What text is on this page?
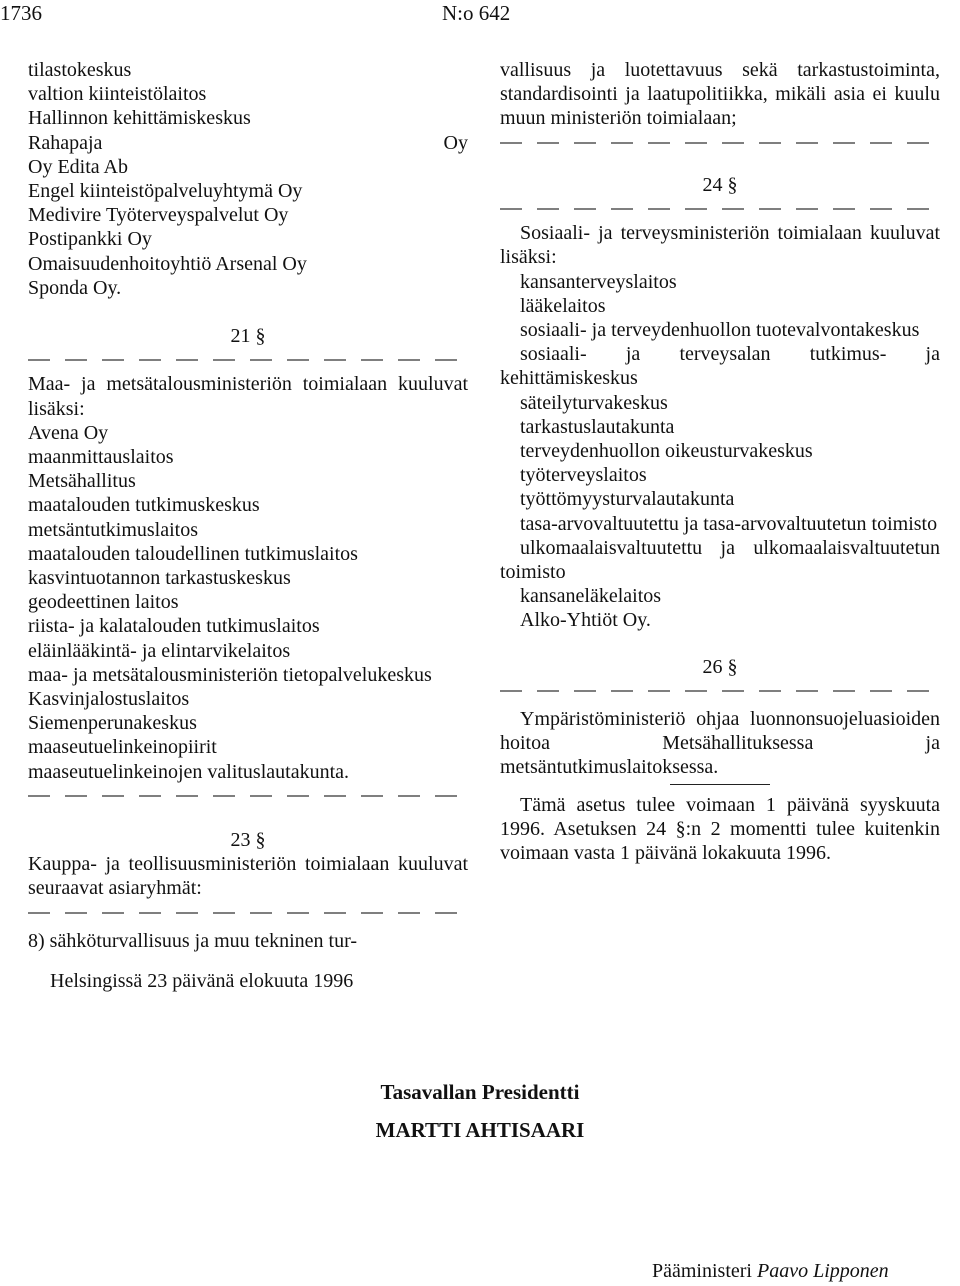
1736	N:o 642
tilastokeskus
valtion kiinteistölaitos
Hallinnon kehittämiskeskus
Rahapaja	Oy
Oy Edita Ab
Engel kiinteistöpalveluyhtymä Oy
Medivire Työterveyspalvelut Oy
Postipankki Oy
Omaisuudenhoitoyhtiö Arsenal Oy
Sponda Oy.
21 §

Maa- ja metsätalousministeriön toimialaan kuuluvat lisäksi:

Avena Oy
maanmittauslaitos
Metsähallitus
maatalouden tutkimuskeskus
metsäntutkimuslaitos
maatalouden taloudellinen tutkimuslaitos
kasvintuotannon tarkastuskeskus
geodeettinen laitos
riista- ja kalatalouden tutkimuslaitos
eläinlääkintä- ja elintarvikelaitos

maa- ja metsätalousministeriön tietopalvelukeskus

Kasvinjalostuslaitos
Siemenperunakeskus
maaseutuelinkeinopiirit
maaseutuelinkeinojen valituslautakunta.
23 §

Kauppa- ja teollisuusministeriön toimialaan kuuluvat seuraavat asiaryhmät:

8) sähköturvallisuus ja muu tekninen tur-

vallisuus ja luotettavuus sekä tarkastustoiminta, standardisointi ja laatupolitiikka, mikäli asia ei kuulu muun ministeriön toimialaan;

24 §

Sosiaali- ja terveysministeriön toimialaan kuuluvat lisäksi:

kansanterveyslaitos

lääkelaitos

sosiaali- ja terveydenhuollon tuotevalvontakeskus

sosiaali- ja terveysalan tutkimus- ja kehittämiskeskus

säteilyturvakeskus

tarkastuslautakunta

terveydenhuollon oikeusturvakeskus

työterveyslaitos

työttömyysturvalautakunta

tasa-arvovaltuutettu ja tasa-arvovaltuutetun toimisto

ulkomaalaisvaltuutettu ja ulkomaalaisvaltuutetun toimisto

kansaneläkelaitos

Alko-Yhtiöt Oy.

26 §

Ympäristöministeriö ohjaa luonnonsuojeluasioiden hoitoa Metsähallituksessa ja metsäntutkimuslaitoksessa.

Tämä asetus tulee voimaan 1 päivänä syyskuuta 1996. Asetuksen 24 §:n 2 momentti tulee kuitenkin voimaan vasta 1 päivänä lokakuuta 1996.

Helsingissä 23 päivänä elokuuta 1996
Tasavallan Presidentti
MARTTI AHTISAARI
Pääministeri Paavo Lipponen
